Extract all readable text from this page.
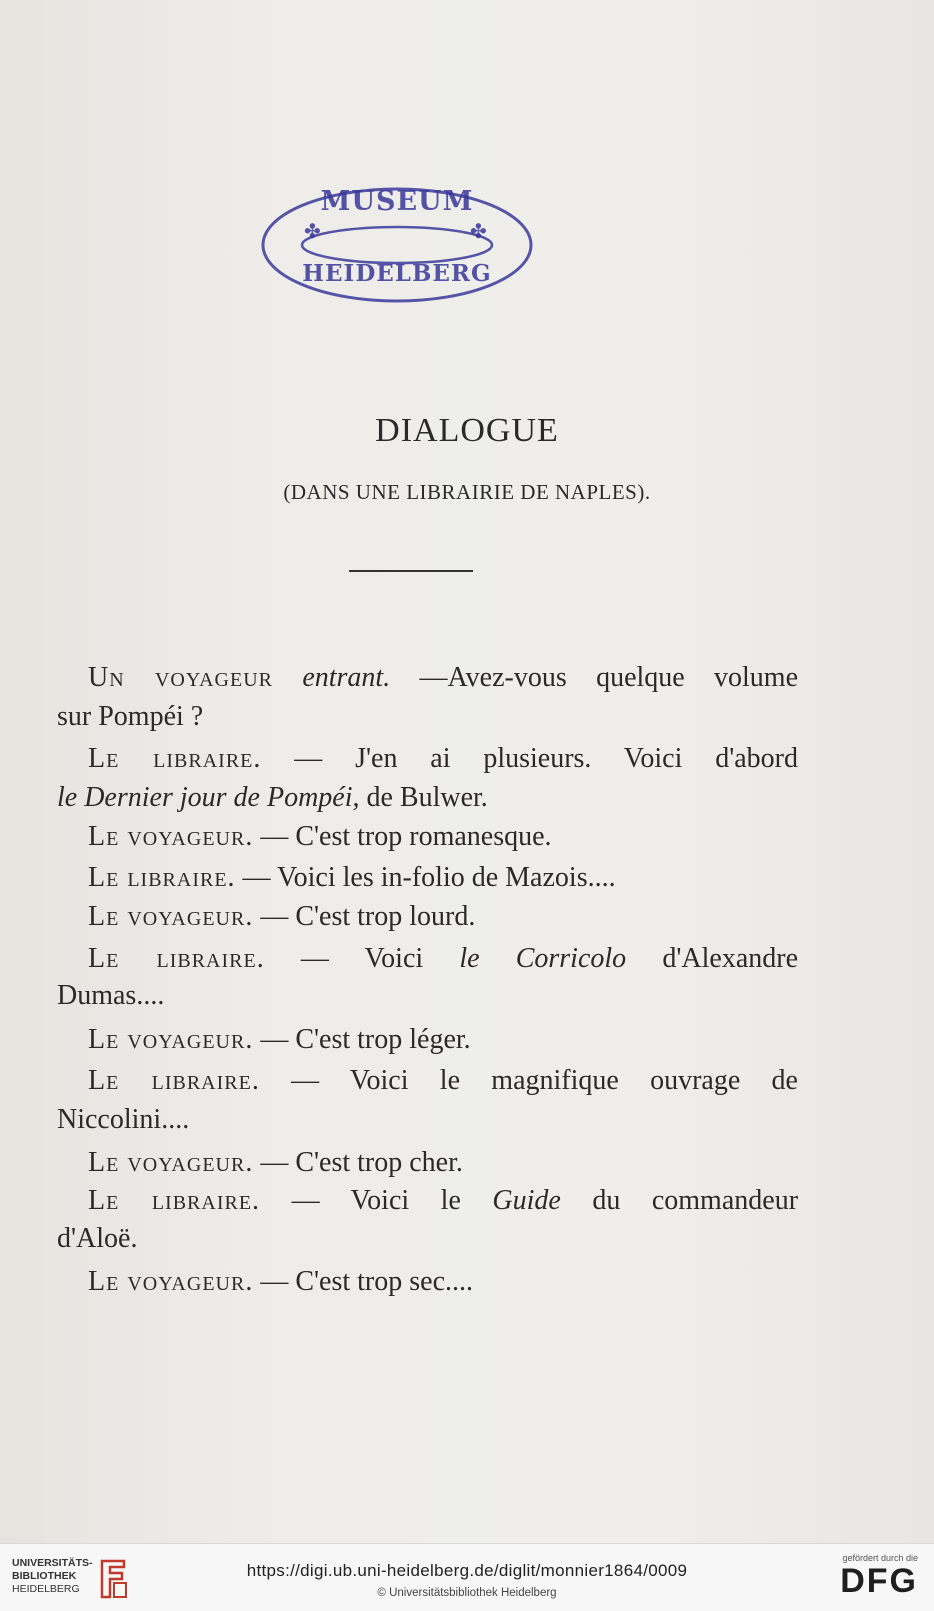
✤	✤
MUSEUM
HEIDELBERG
DIALOGUE
(DANS UNE LIBRAIRIE DE NAPLES).
Un voyageur entrant. —Avez-vous quelque volume
sur Pompéi ?
Le libraire. — J'en ai plusieurs. Voici d'abord
le Dernier jour de Pompéi, de Bulwer.
Le voyageur. — C'est trop romanesque.
Le libraire. — Voici les in-folio de Mazois....
Le voyageur. — C'est trop lourd.
Le libraire. — Voici le Corricolo d'Alexandre
Dumas....
Le voyageur. — C'est trop léger.
Le libraire. — Voici le magnifique ouvrage de
Niccolini....
Le voyageur. — C'est trop cher.
Le libraire. — Voici le Guide du commandeur
d'Aloë.
Le voyageur. — C'est trop sec....
UNIVERSITÄTS-
BIBLIOTHEK
HEIDELBERG
https://digi.ub.uni-heidelberg.de/diglit/monnier1864/0009
© Universitätsbibliothek Heidelberg
gefördert durch die
DFG
